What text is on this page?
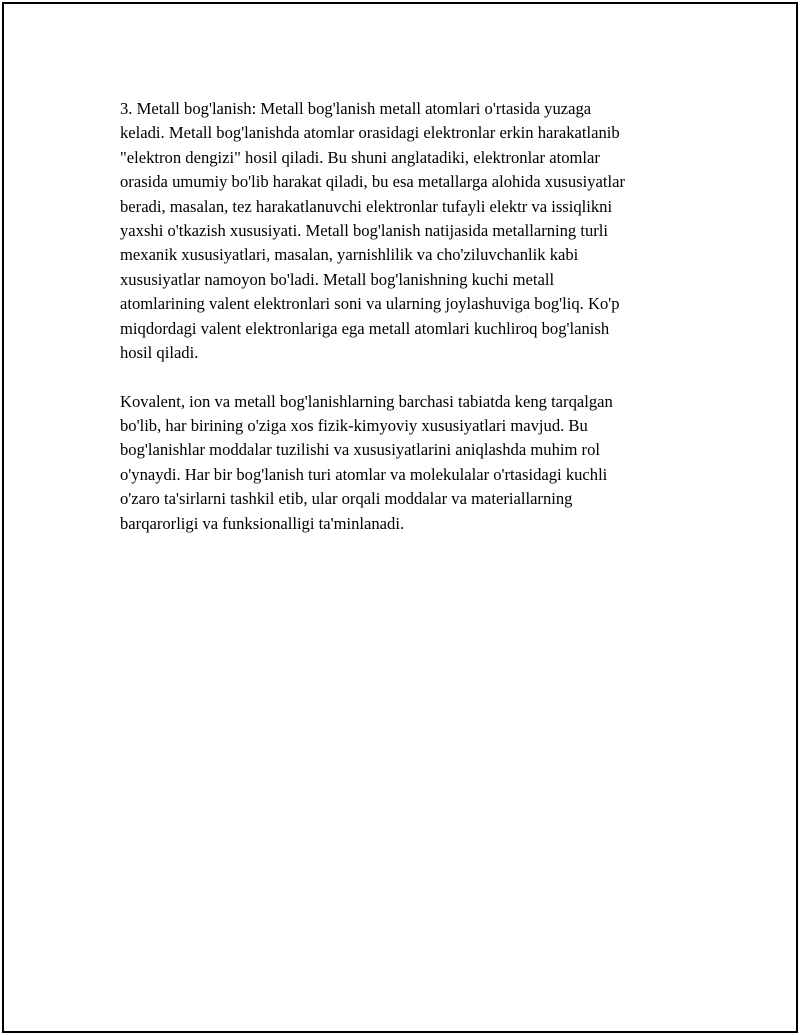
3. Metall bog'lanish: Metall bog'lanish metall atomlari o'rtasida yuzaga
keladi. Metall bog'lanishda atomlar orasidagi elektronlar erkin harakatlanib
"elektron dengizi" hosil qiladi. Bu shuni anglatadiki, elektronlar atomlar
orasida umumiy bo'lib harakat qiladi, bu esa metallarga alohida xususiyatlar
beradi, masalan, tez harakatlanuvchi elektronlar tufayli elektr va issiqlikni
yaxshi o'tkazish xususiyati. Metall bog'lanish natijasida metallarning turli
mexanik xususiyatlari, masalan, yarnishlilik va cho'ziluvchanlik kabi
xususiyatlar namoyon bo'ladi. Metall bog'lanishning kuchi metall
atomlarining valent elektronlari soni va ularning joylashuviga bog'liq. Ko'p
miqdordagi valent elektronlariga ega metall atomlari kuchliroq bog'lanish
hosil qiladi.

Kovalent, ion va metall bog'lanishlarning barchasi tabiatda keng tarqalgan
bo'lib, har birining o'ziga xos fizik-kimyoviy xususiyatlari mavjud. Bu
bog'lanishlar moddalar tuzilishi va xususiyatlarini aniqlashda muhim rol
o'ynaydi. Har bir bog'lanish turi atomlar va molekulalar o'rtasidagi kuchli
o'zaro ta'sirlarni tashkil etib, ular orqali moddalar va materiallarning
barqarorligi va funksionalligi ta'minlanadi.
